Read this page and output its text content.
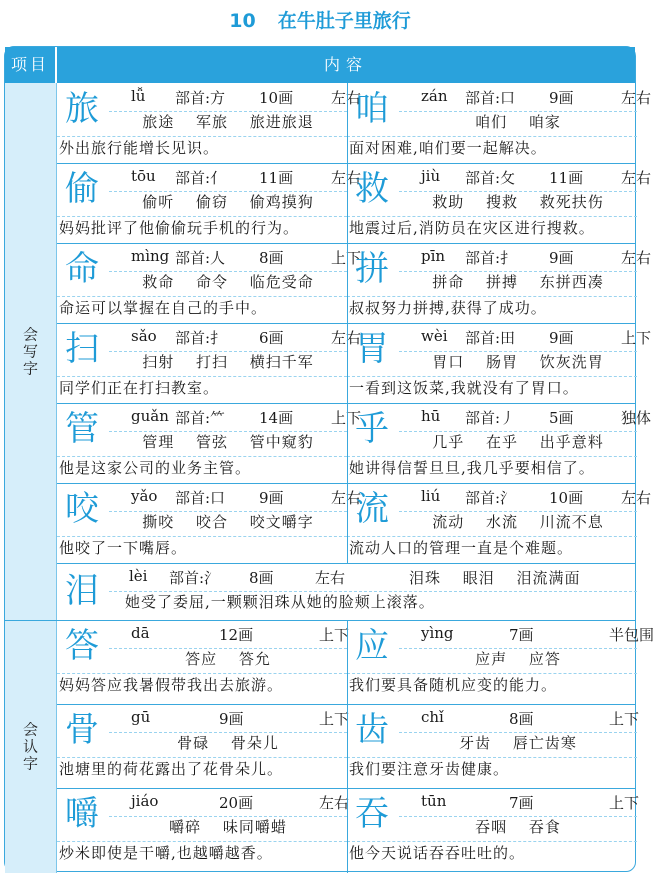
10 在牛肚子里旅行
项目	内容
会写字
会认字
旅	lǚ 部首:方 10画	左右
旅途 军旅 旅进旅退
外出旅行能增长见识。
咱	zán 部首:口 9画	左右
咱们 咱家
面对困难,咱们要一起解决。
偷	tōu 部首:亻 11画	左右
偷听 偷窃 偷鸡摸狗
妈妈批评了他偷偷玩手机的行为。
救	jiù 部首:攵 11画	左右
救助 搜救 救死扶伤
地震过后,消防员在灾区进行搜救。
命	mìng 部首:人 8画	上下
救命 命令 临危受命
命运可以掌握在自己的手中。
拼	pīn 部首:扌 9画	左右
拼命 拼搏 东拼西凑
叔叔努力拼搏,获得了成功。
扫	sǎo 部首:扌 6画	左右
扫射 打扫 横扫千军
同学们正在打扫教室。
胃	wèi 部首:田 9画	上下
胃口 肠胃 饮灰洗胃
一看到这饭菜,我就没有了胃口。
管	guǎn 部首:⺮ 14画	上下
管理 管弦 管中窥豹
他是这家公司的业务主管。
乎	hū 部首:丿 5画	独体
几乎 在乎 出乎意料
她讲得信誓旦旦,我几乎要相信了。
咬	yǎo 部首:口 9画	左右
撕咬 咬合 咬文嚼字
他咬了一下嘴唇。
流	liú 部首:氵 10画	左右
流动 水流 川流不息
流动人口的管理一直是个难题。
泪	lèi 部首:氵 8画	左右	泪珠 眼泪 泪流满面
她受了委屈,一颗颗泪珠从她的脸颊上滚落。
答	dā	12画	上下
答应 答允
妈妈答应我暑假带我出去旅游。
应	yìng	7画	半包围
应声 应答
我们要具备随机应变的能力。
骨	gū	9画	上下
骨碌 骨朵儿
池塘里的荷花露出了花骨朵儿。
齿	chǐ	8画	上下
牙齿 唇亡齿寒
我们要注意牙齿健康。
嚼	jiáo	20画	左右
嚼碎 味同嚼蜡
炒米即使是干嚼,也越嚼越香。
吞	tūn	7画	上下
吞咽 吞食
他今天说话吞吞吐吐的。
